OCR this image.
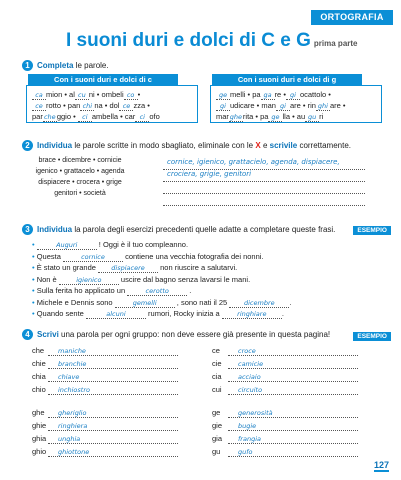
ORTOGRAFIA
I suoni duri e dolci di C e G prima parte
1 Completa le parole.
Con i suoni duri e dolci di c	Con i suoni duri e dolci di g
ca mion • al cu ni • ombeli co •
ce rotto • pan chi na • dol ce zza •
parcheggio • ci ambella • car ci ofo
ge melli • pa ga re • gi ocattolo •
gi udicare • man gi are • rin ghi are •
margherita • pa ge lla • au gu ri
2 Individua le parole scritte in modo sbagliato, eliminale con le X e scrivile correttamente.
brace • dicembre • cornicie
igenico • grattacelo • agenda
dispiacere • crocera • grige
genitori • società
cornice, igienico, grattacielo, agenda, dispiacere,
crociera, grigie, genitori
3 Individua la parola degli esercizi precedenti quelle adatte a completare queste frasi.	ESEMPIO
•	Auguri	! Oggi è il tuo compleanno.
• Questa	cornice contiene una vecchia fotografia dei nonni.
• È stato un grande dispiacere non riuscire a salutarvi.
• Non è	igienico uscire dal bagno senza lavarsi le mani.
• Sulla ferita ho applicato un	cerotto .
• Michele e Dennis sono	gemelli , sono nati il 25	dicembre .
• Quando sente	alcuni	rumori, Rocky inizia a	ringhiare .
4 Scrivi una parola per ogni gruppo: non deve essere già presente in questa pagina!	ESEMPIO
che maniche
chie branchie
chia chiave
chio inchiostro
ghe gheriglio
ghie ringhiera
ghia unghia
ghio ghiottone
ce	croce
cie	camicie
cia	acciaio
cui	circuito
ge	generosità
gie bugie
gia frangia
gu	gufo
127
